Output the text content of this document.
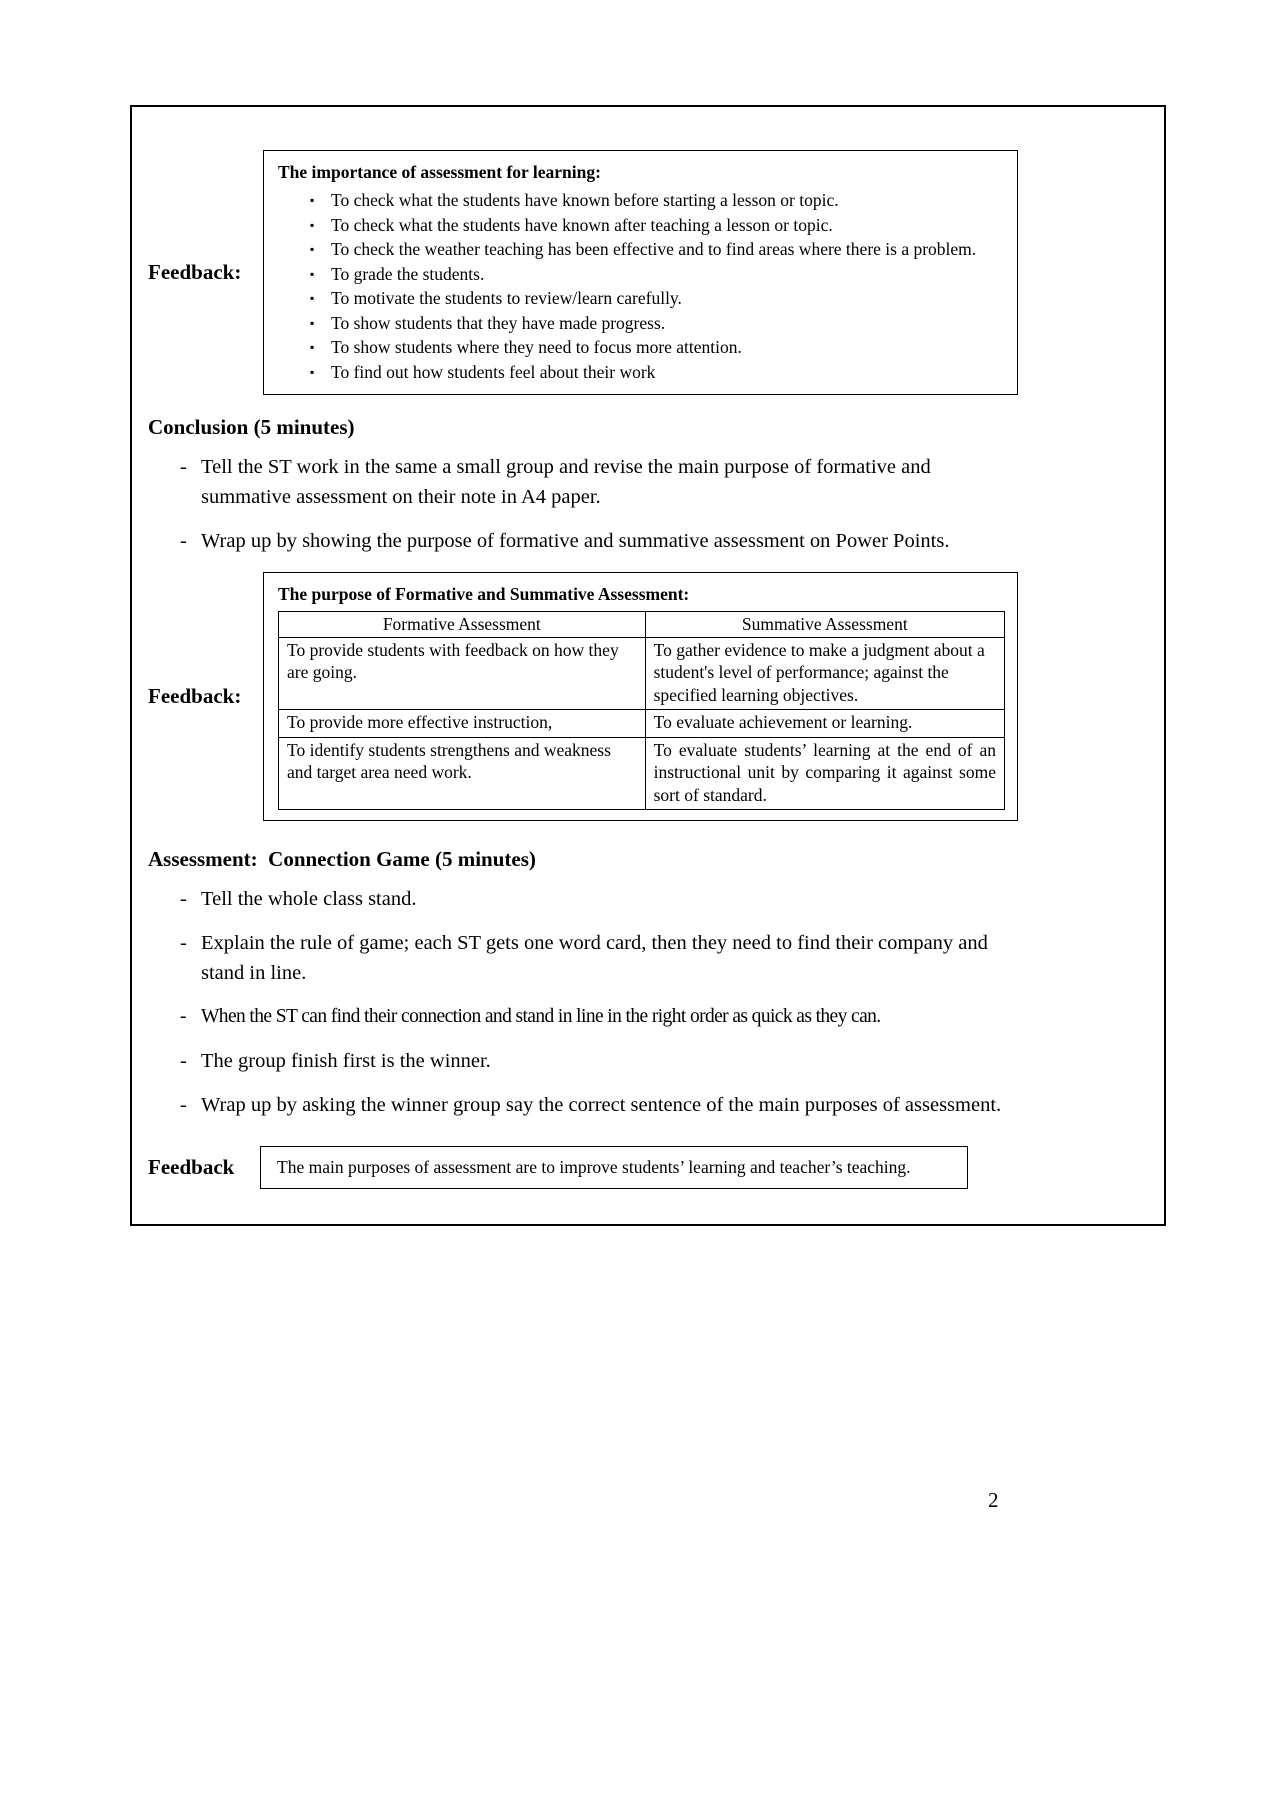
Feedback:
The importance of assessment for learning:
▪ To check what the students have known before starting a lesson or topic.
▪ To check what the students have known after teaching a lesson or topic.
▪ To check the weather teaching has been effective and to find areas where there is a problem.
▪ To grade the students.
▪ To motivate the students to review/learn carefully.
▪ To show students that they have made progress.
▪ To show students where they need to focus more attention.
▪ To find out how students feel about their work
Conclusion (5 minutes)
- Tell the ST work in the same a small group and revise the main purpose of formative and summative assessment on their note in A4 paper.
- Wrap up by showing the purpose of formative and summative assessment on Power Points.
Feedback:
The purpose of Formative and Summative Assessment:
Formative Assessment	Summative Assessment
To provide students with feedback on how they are going.	To gather evidence to make a judgment about a student's level of performance; against the specified learning objectives.
To provide more effective instruction,	To evaluate achievement or learning.
To identify students strengthens and weakness and target area need work.	To evaluate students’ learning at the end of an instructional unit by comparing it against some sort of standard.
Assessment:  Connection Game (5 minutes)
- Tell the whole class stand.
- Explain the rule of game; each ST gets one word card, then they need to find their company and stand in line.
- When the ST can find their connection and stand in line in the right order as quick as they can.
- The group finish first is the winner.
- Wrap up by asking the winner group say the correct sentence of the main purposes of assessment.
Feedback	The main purposes of assessment are to improve students’ learning and teacher’s teaching.
2
